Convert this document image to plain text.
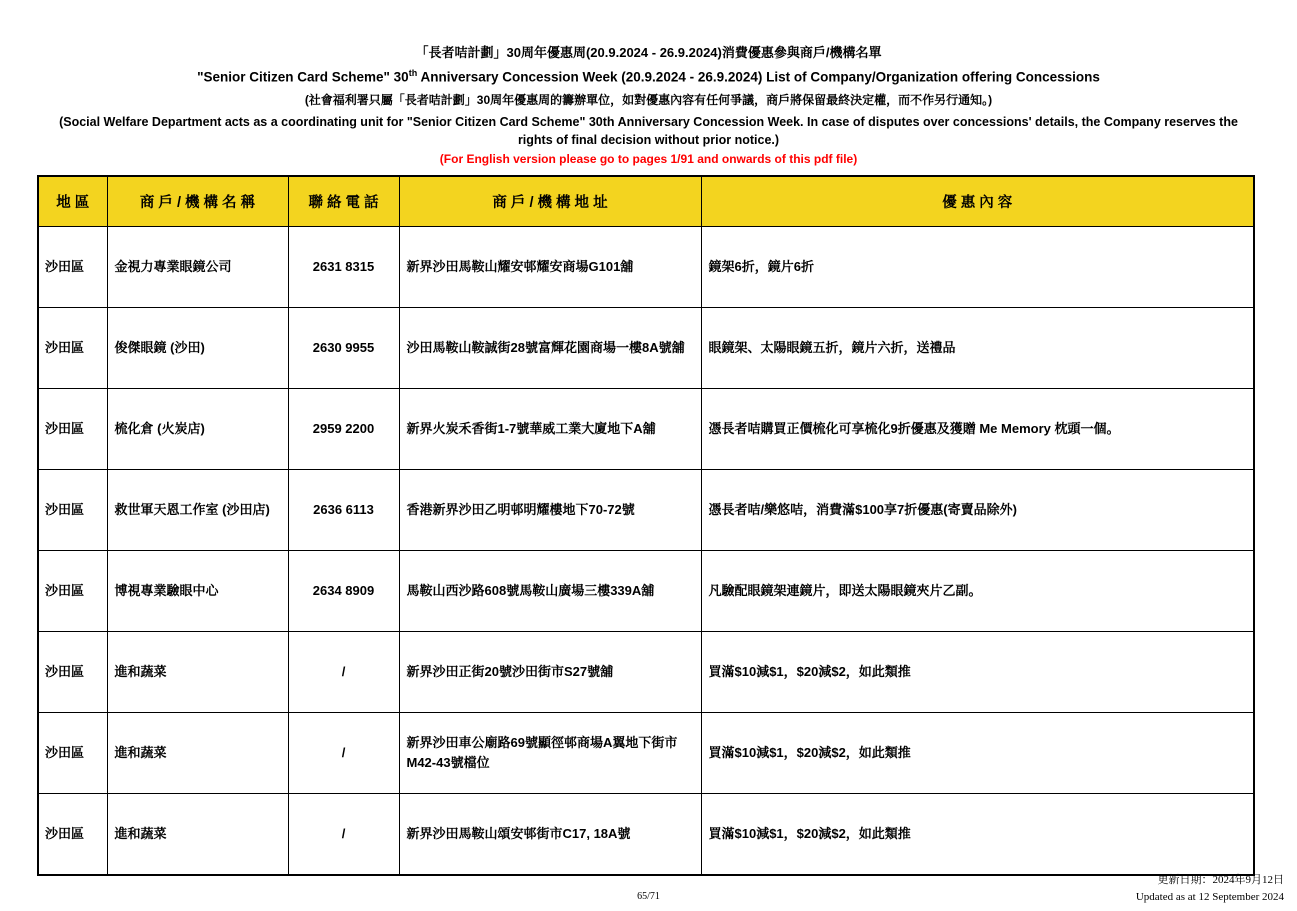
「長者咭計劃」30周年優惠周(20.9.2024 - 26.9.2024)消費優惠參與商戶/機構名單
"Senior Citizen Card Scheme" 30th Anniversary Concession Week (20.9.2024 - 26.9.2024) List of Company/Organization offering Concessions
(社會福利署只屬「長者咭計劃」30周年優惠周的籌辦單位，如對優惠內容有任何爭議，商戶將保留最終決定權，而不作另行通知。)
(Social Welfare Department acts as a coordinating unit for "Senior Citizen Card Scheme" 30th Anniversary Concession Week. In case of disputes over concessions' details, the Company reserves the rights of final decision without prior notice.)
(For English version please go to pages 1/91 and onwards of this pdf file)
地 區	商 戶 / 機 構 名 稱	聯 絡 電 話	商 戶 / 機 構 地 址	優 惠 內 容
沙田區	金視力專業眼鏡公司	2631 8315	新界沙田馬鞍山耀安邨耀安商場G101舖	鏡架6折，鏡片6折
沙田區	俊傑眼鏡 (沙田)	2630 9955	沙田馬鞍山鞍誠街28號富輝花園商場一樓8A號舖	眼鏡架、太陽眼鏡五折，鏡片六折，送禮品
沙田區	梳化倉 (火炭店)	2959 2200	新界火炭禾香街1-7號華威工業大廈地下A舖	憑長者咭購買正價梳化可享梳化9折優惠及獲贈 Me Memory 枕頭一個。
沙田區	救世軍天恩工作室 (沙田店)	2636 6113	香港新界沙田乙明邨明耀樓地下70-72號	憑長者咭/樂悠咭，消費滿$100享7折優惠(寄賣品除外)
沙田區	博視專業驗眼中心	2634 8909	馬鞍山西沙路608號馬鞍山廣場三樓339A舖	凡驗配眼鏡架連鏡片，即送太陽眼鏡夾片乙副。
沙田區	進和蔬菜	/	新界沙田正街20號沙田街市S27號舖	買滿$10減$1，$20減$2，如此類推
沙田區	進和蔬菜	/	新界沙田車公廟路69號顯徑邨商場A翼地下街市M42-43號檔位	買滿$10減$1，$20減$2，如此類推
沙田區	進和蔬菜	/	新界沙田馬鞍山頌安邨街市C17, 18A號	買滿$10減$1，$20減$2，如此類推
65/71
更新日期：2024年9月12日
Updated as at 12 September 2024
